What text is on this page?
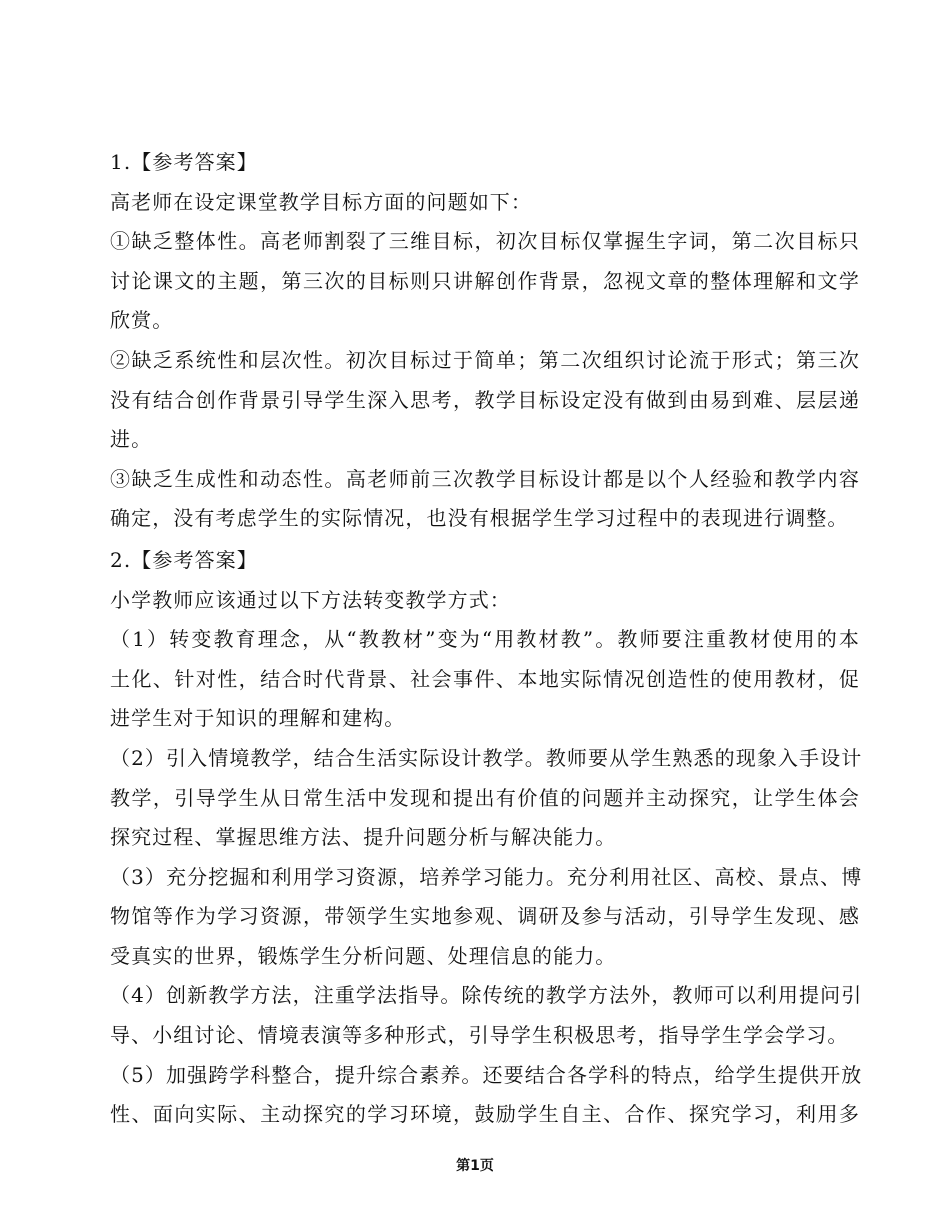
1.【参考答案】
高老师在设定课堂教学目标方面的问题如下：
①缺乏整体性。高老师割裂了三维目标，初次目标仅掌握生字词，第二次目标只
讨论课文的主题，第三次的目标则只讲解创作背景，忽视文章的整体理解和文学
欣赏。
②缺乏系统性和层次性。初次目标过于简单；第二次组织讨论流于形式；第三次
没有结合创作背景引导学生深入思考，教学目标设定没有做到由易到难、层层递
进。
③缺乏生成性和动态性。高老师前三次教学目标设计都是以个人经验和教学内容
确定，没有考虑学生的实际情况，也没有根据学生学习过程中的表现进行调整。
2.【参考答案】
小学教师应该通过以下方法转变教学方式：
（1）转变教育理念，从“教教材”变为“用教材教”。教师要注重教材使用的本
土化、针对性，结合时代背景、社会事件、本地实际情况创造性的使用教材，促
进学生对于知识的理解和建构。
（2）引入情境教学，结合生活实际设计教学。教师要从学生熟悉的现象入手设计
教学，引导学生从日常生活中发现和提出有价值的问题并主动探究，让学生体会
探究过程、掌握思维方法、提升问题分析与解决能力。
（3）充分挖掘和利用学习资源，培养学习能力。充分利用社区、高校、景点、博
物馆等作为学习资源，带领学生实地参观、调研及参与活动，引导学生发现、感
受真实的世界，锻炼学生分析问题、处理信息的能力。
（4）创新教学方法，注重学法指导。除传统的教学方法外，教师可以利用提问引
导、小组讨论、情境表演等多种形式，引导学生积极思考，指导学生学会学习。
（5）加强跨学科整合，提升综合素养。还要结合各学科的特点，给学生提供开放
性、面向实际、主动探究的学习环境，鼓励学生自主、合作、探究学习，利用多
第1页
